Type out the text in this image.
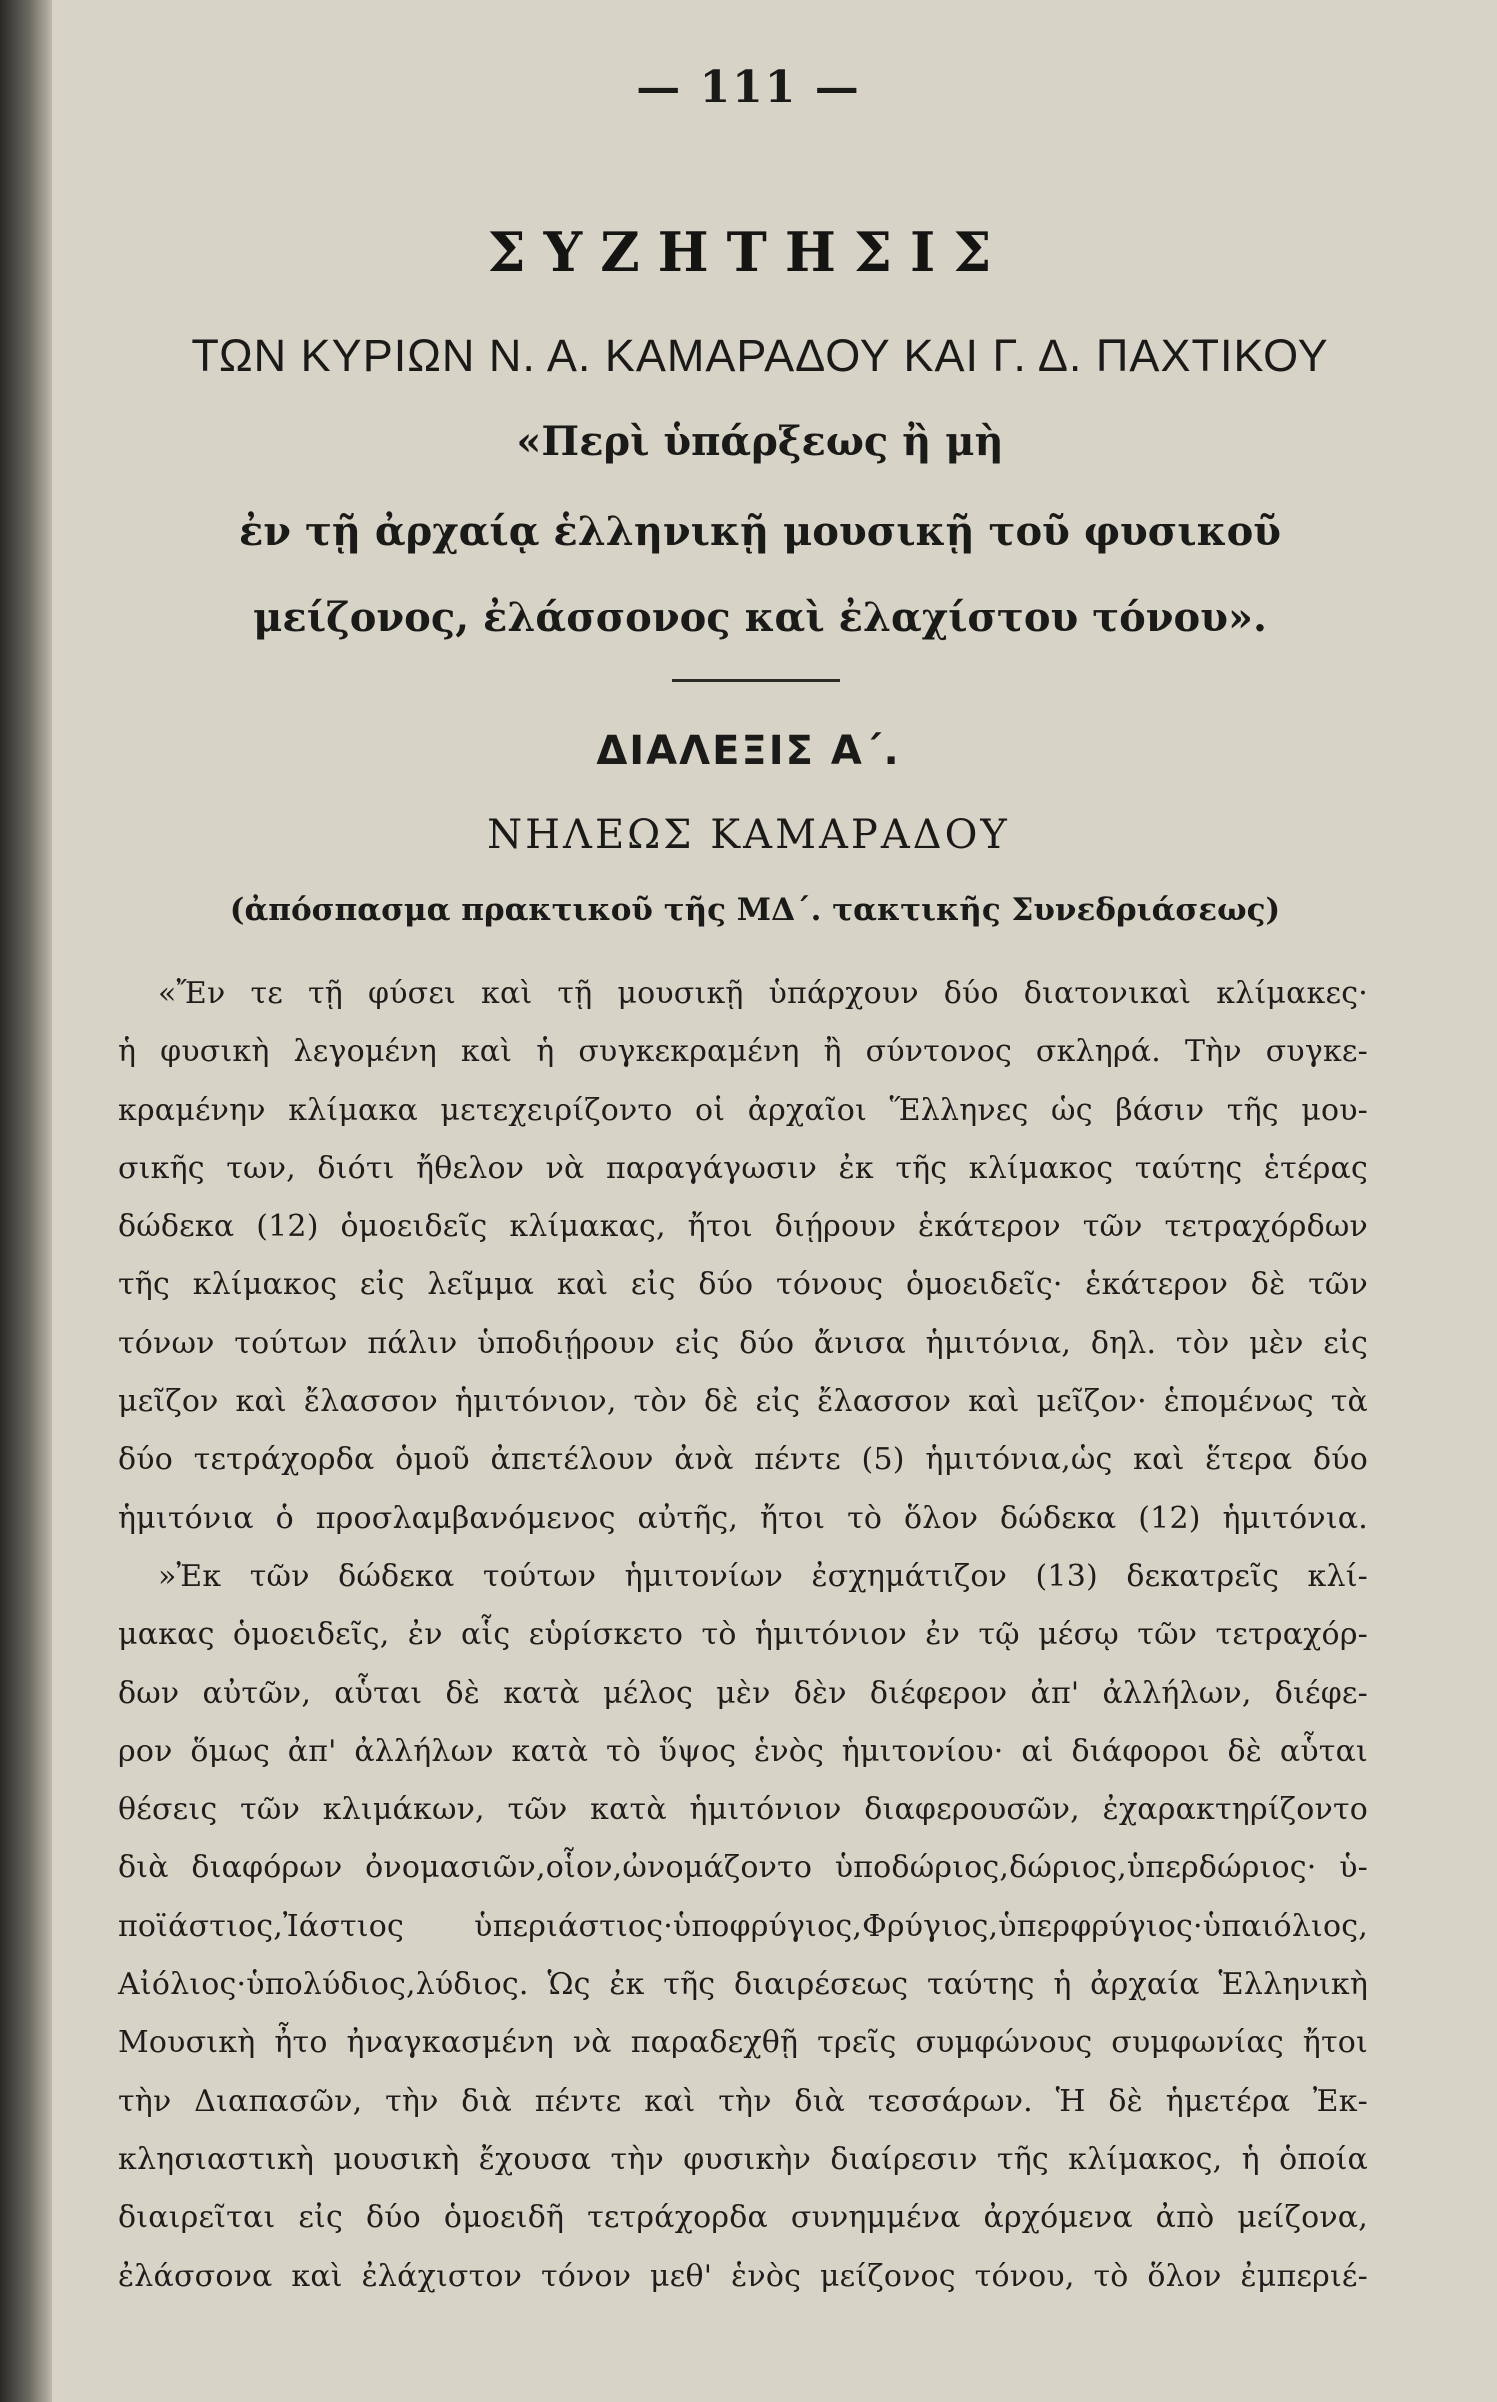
— 111 —
ΣΥΖΗΤΗΣΙΣ
ΤΩΝ ΚΥΡΙΩΝ Ν. Α. ΚΑΜΑΡΑΔΟΥ ΚΑΙ Γ. Δ. ΠΑΧΤΙΚΟΥ
«Περὶ ὑπάρξεως ἢ μὴ
ἐν τῇ ἀρχαίᾳ ἑλληνικῇ μουσικῇ τοῦ φυσικοῦ
μείζονος, ἐλάσσονος καὶ ἐλαχίστου τόνου».
ΔΙΑΛΕΞΙΣ Α΄.
ΝΗΛΕΩΣ ΚΑΜΑΡΑΔΟΥ
(ἀπόσπασμα πρακτικοῦ τῆς ΜΔ΄. τακτικῆς Συνεδριάσεως)
«Ἔν τε τῇ φύσει καὶ τῇ μουσικῇ ὑπάρχουν δύο διατονικαὶ κλίμακες·
ἡ φυσικὴ λεγομένη καὶ ἡ συγκεκραμένη ἢ σύντονος σκληρά. Τὴν συγκε-
κραμένην κλίμακα μετεχειρίζοντο οἱ ἀρχαῖοι Ἕλληνες ὡς βάσιν τῆς μου-
σικῆς των, διότι ἤθελον νὰ παραγάγωσιν ἐκ τῆς κλίμακος ταύτης ἑτέρας
δώδεκα (12) ὁμοειδεῖς κλίμακας, ἤτοι διῄρουν ἑκάτερον τῶν τετραχόρδων
τῆς κλίμακος εἰς λεῖμμα καὶ εἰς δύο τόνους ὁμοειδεῖς· ἑκάτερον δὲ τῶν
τόνων τούτων πάλιν ὑποδιῄρουν εἰς δύο ἄνισα ἡμιτόνια, δηλ. τὸν μὲν εἰς
μεῖζον καὶ ἔλασσον ἡμιτόνιον, τὸν δὲ εἰς ἔλασσον καὶ μεῖζον· ἑπομένως τὰ
δύο τετράχορδα ὁμοῦ ἀπετέλουν ἀνὰ πέντε (5) ἡμιτόνια,ὡς καὶ ἕτερα δύο
ἡμιτόνια ὁ προσλαμβανόμενος αὐτῆς, ἤτοι τὸ ὅλον δώδεκα (12) ἡμιτόνια.
»Ἐκ τῶν δώδεκα τούτων ἡμιτονίων ἐσχημάτιζον (13) δεκατρεῖς κλί-
μακας ὁμοειδεῖς, ἐν αἷς εὑρίσκετο τὸ ἡμιτόνιον ἐν τῷ μέσῳ τῶν τετραχόρ-
δων αὐτῶν, αὗται δὲ κατὰ μέλος μὲν δὲν διέφερον ἀπ' ἀλλήλων, διέφε-
ρον ὅμως ἀπ' ἀλλήλων κατὰ τὸ ὕψος ἑνὸς ἡμιτονίου· αἱ διάφοροι δὲ αὗται
θέσεις τῶν κλιμάκων, τῶν κατὰ ἡμιτόνιον διαφερουσῶν, ἐχαρακτηρίζοντο
διὰ διαφόρων ὀνομασιῶν,οἷον,ὠνομάζοντο ὑποδώριος,δώριος,ὑπερδώριος· ὑ-
ποϊάστιος,Ἰάστιος ὑπεριάστιος·ὑποφρύγιος,Φρύγιος,ὑπερφρύγιος·ὑπαιόλιος,
Αἰόλιος·ὑπολύδιος,λύδιος. Ὡς ἐκ τῆς διαιρέσεως ταύτης ἡ ἀρχαία Ἑλληνικὴ
Μουσικὴ ἦτο ἠναγκασμένη νὰ παραδεχθῇ τρεῖς συμφώνους συμφωνίας ἤτοι
τὴν Διαπασῶν, τὴν διὰ πέντε καὶ τὴν διὰ τεσσάρων. Ἡ δὲ ἡμετέρα Ἐκ-
κλησιαστικὴ μουσικὴ ἔχουσα τὴν φυσικὴν διαίρεσιν τῆς κλίμακος, ἡ ὁποία
διαιρεῖται εἰς δύο ὁμοειδῆ τετράχορδα συνημμένα ἀρχόμενα ἀπὸ μείζονα,
ἐλάσσονα καὶ ἐλάχιστον τόνον μεθ' ἑνὸς μείζονος τόνου, τὸ ὅλον ἐμπεριέ-
